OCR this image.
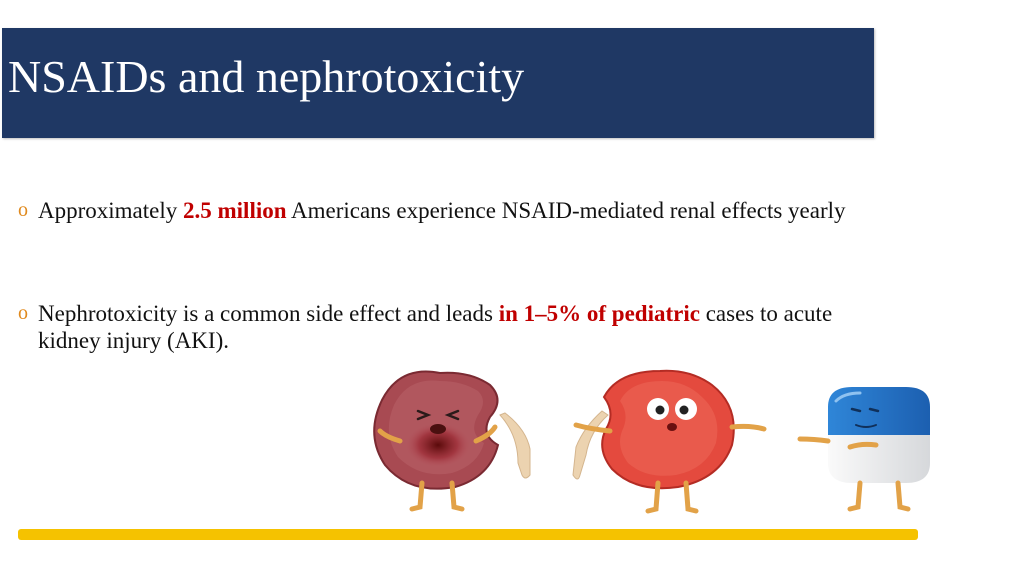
NSAIDs and nephrotoxicity
o Approximately 2.5 million Americans experience NSAID-mediated renal effects yearly
o Nephrotoxicity is a common side effect and leads in 1–5% of pediatric cases to acute kidney injury (AKI).
